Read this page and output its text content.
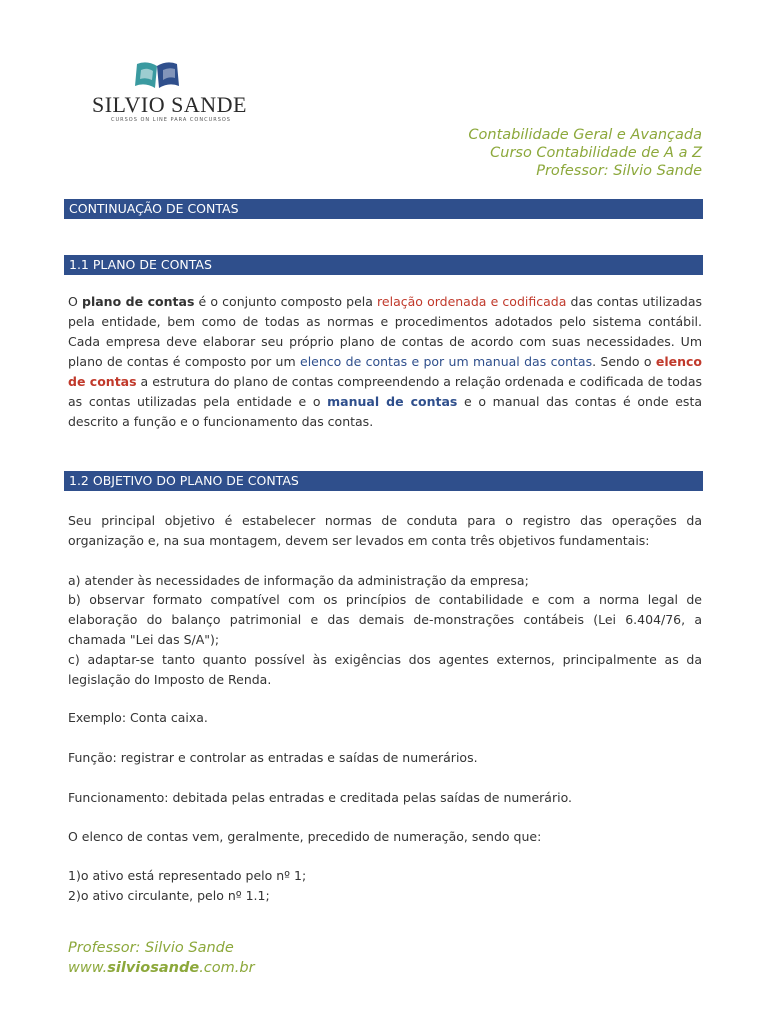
SILVIO SANDE
CURSOS ON LINE PARA CONCURSOS
Contabilidade Geral e Avançada
Curso Contabilidade de A a Z
Professor: Silvio Sande
CONTINUAÇÃO DE CONTAS
1.1 PLANO DE CONTAS

O plano de contas é o conjunto composto pela relação ordenada e codificada das contas utilizadas pela entidade, bem como de todas as normas e procedimentos adotados pelo sistema contábil. Cada empresa deve elaborar seu próprio plano de contas de acordo com suas necessidades. Um plano de contas é composto por um elenco de contas e por um manual das contas. Sendo o elenco de contas a estrutura do plano de contas compreendendo a relação ordenada e codificada de todas as contas utilizadas pela entidade e o manual de contas e o manual das contas é onde esta descrito a função e o funcionamento das contas.

1.2 OBJETIVO DO PLANO DE CONTAS
Seu principal objetivo é estabelecer normas de conduta para o registro das operações da organização e, na sua montagem, devem ser levados em conta três objetivos fundamentais:
a) atender às necessidades de informação da administração da empresa;
b) observar formato compatível com os princípios de contabilidade e com a norma legal de elaboração do balanço patrimonial e das demais de-monstrações contábeis (Lei 6.404/76, a chamada "Lei das S/A");
c) adaptar-se tanto quanto possível às exigências dos agentes externos, principalmente as da legislação do Imposto de Renda.
Exemplo: Conta caixa.
Função: registrar e controlar as entradas e saídas de numerários.
Funcionamento: debitada pelas entradas e creditada pelas saídas de numerário.
O elenco de contas vem, geralmente, precedido de numeração, sendo que:
1)o ativo está representado pelo nº 1;
2)o ativo circulante, pelo nº 1.1;
Professor: Silvio Sande
www.silviosande.com.br
